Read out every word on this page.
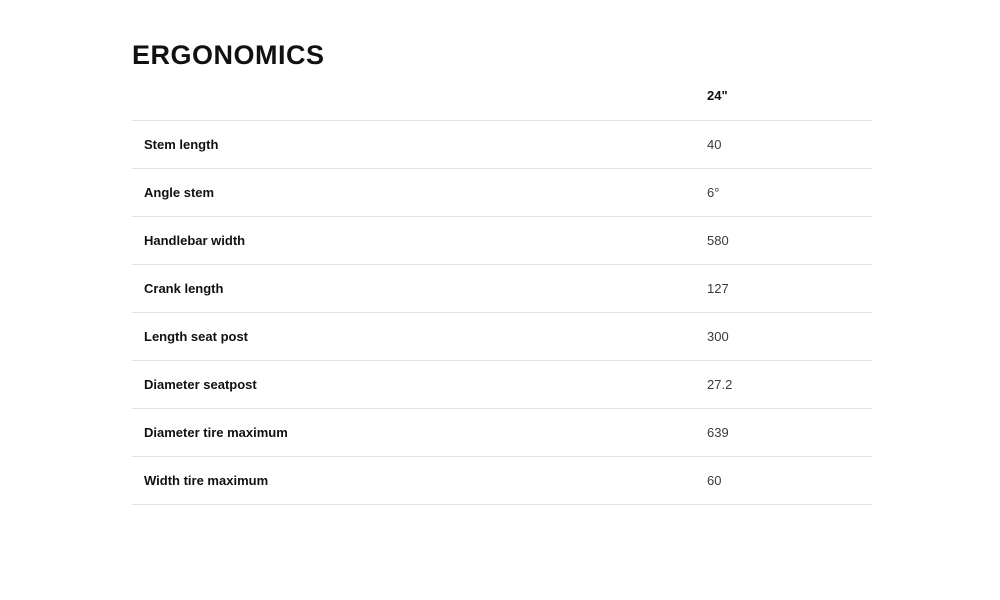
ERGONOMICS
	24"
Stem length	40
Angle stem	6°
Handlebar width	580
Crank length	127
Length seat post	300
Diameter seatpost	27.2
Diameter tire maximum	639
Width tire maximum	60
